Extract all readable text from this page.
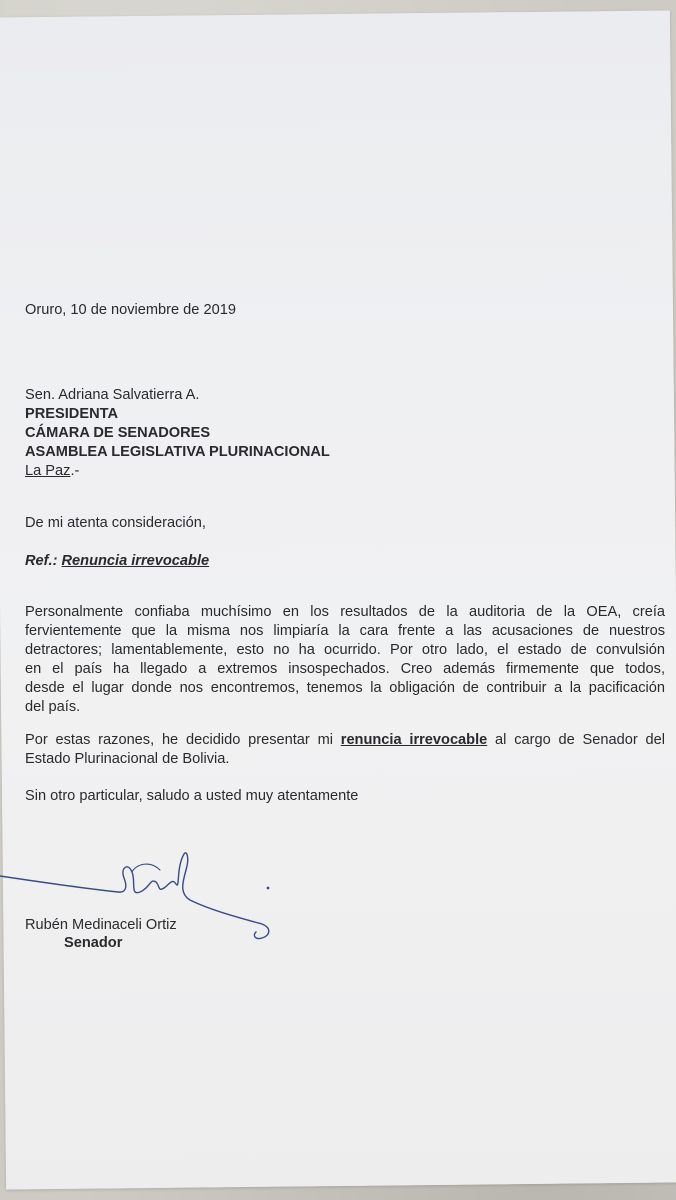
Oruro, 10 de noviembre de 2019
Sen. Adriana Salvatierra A.
PRESIDENTA
CÁMARA DE SENADORES
ASAMBLEA LEGISLATIVA PLURINACIONAL
La Paz.-
De mi atenta consideración,
Ref.: Renuncia irrevocable
Personalmente confiaba muchísimo en los resultados de la auditoria de la OEA, creía
fervientemente que la misma nos limpiaría la cara frente a las acusaciones de nuestros
detractores; lamentablemente, esto no ha ocurrido. Por otro lado, el estado de convulsión
en el país ha llegado a extremos insospechados. Creo además firmemente que todos,
desde el lugar donde nos encontremos, tenemos la obligación de contribuir a la pacificación
del país.
Por estas razones, he decidido presentar mi renuncia irrevocable al cargo de Senador del
Estado Plurinacional de Bolivia.
Sin otro particular, saludo a usted muy atentamente
Rubén Medinaceli Ortiz
Senador
